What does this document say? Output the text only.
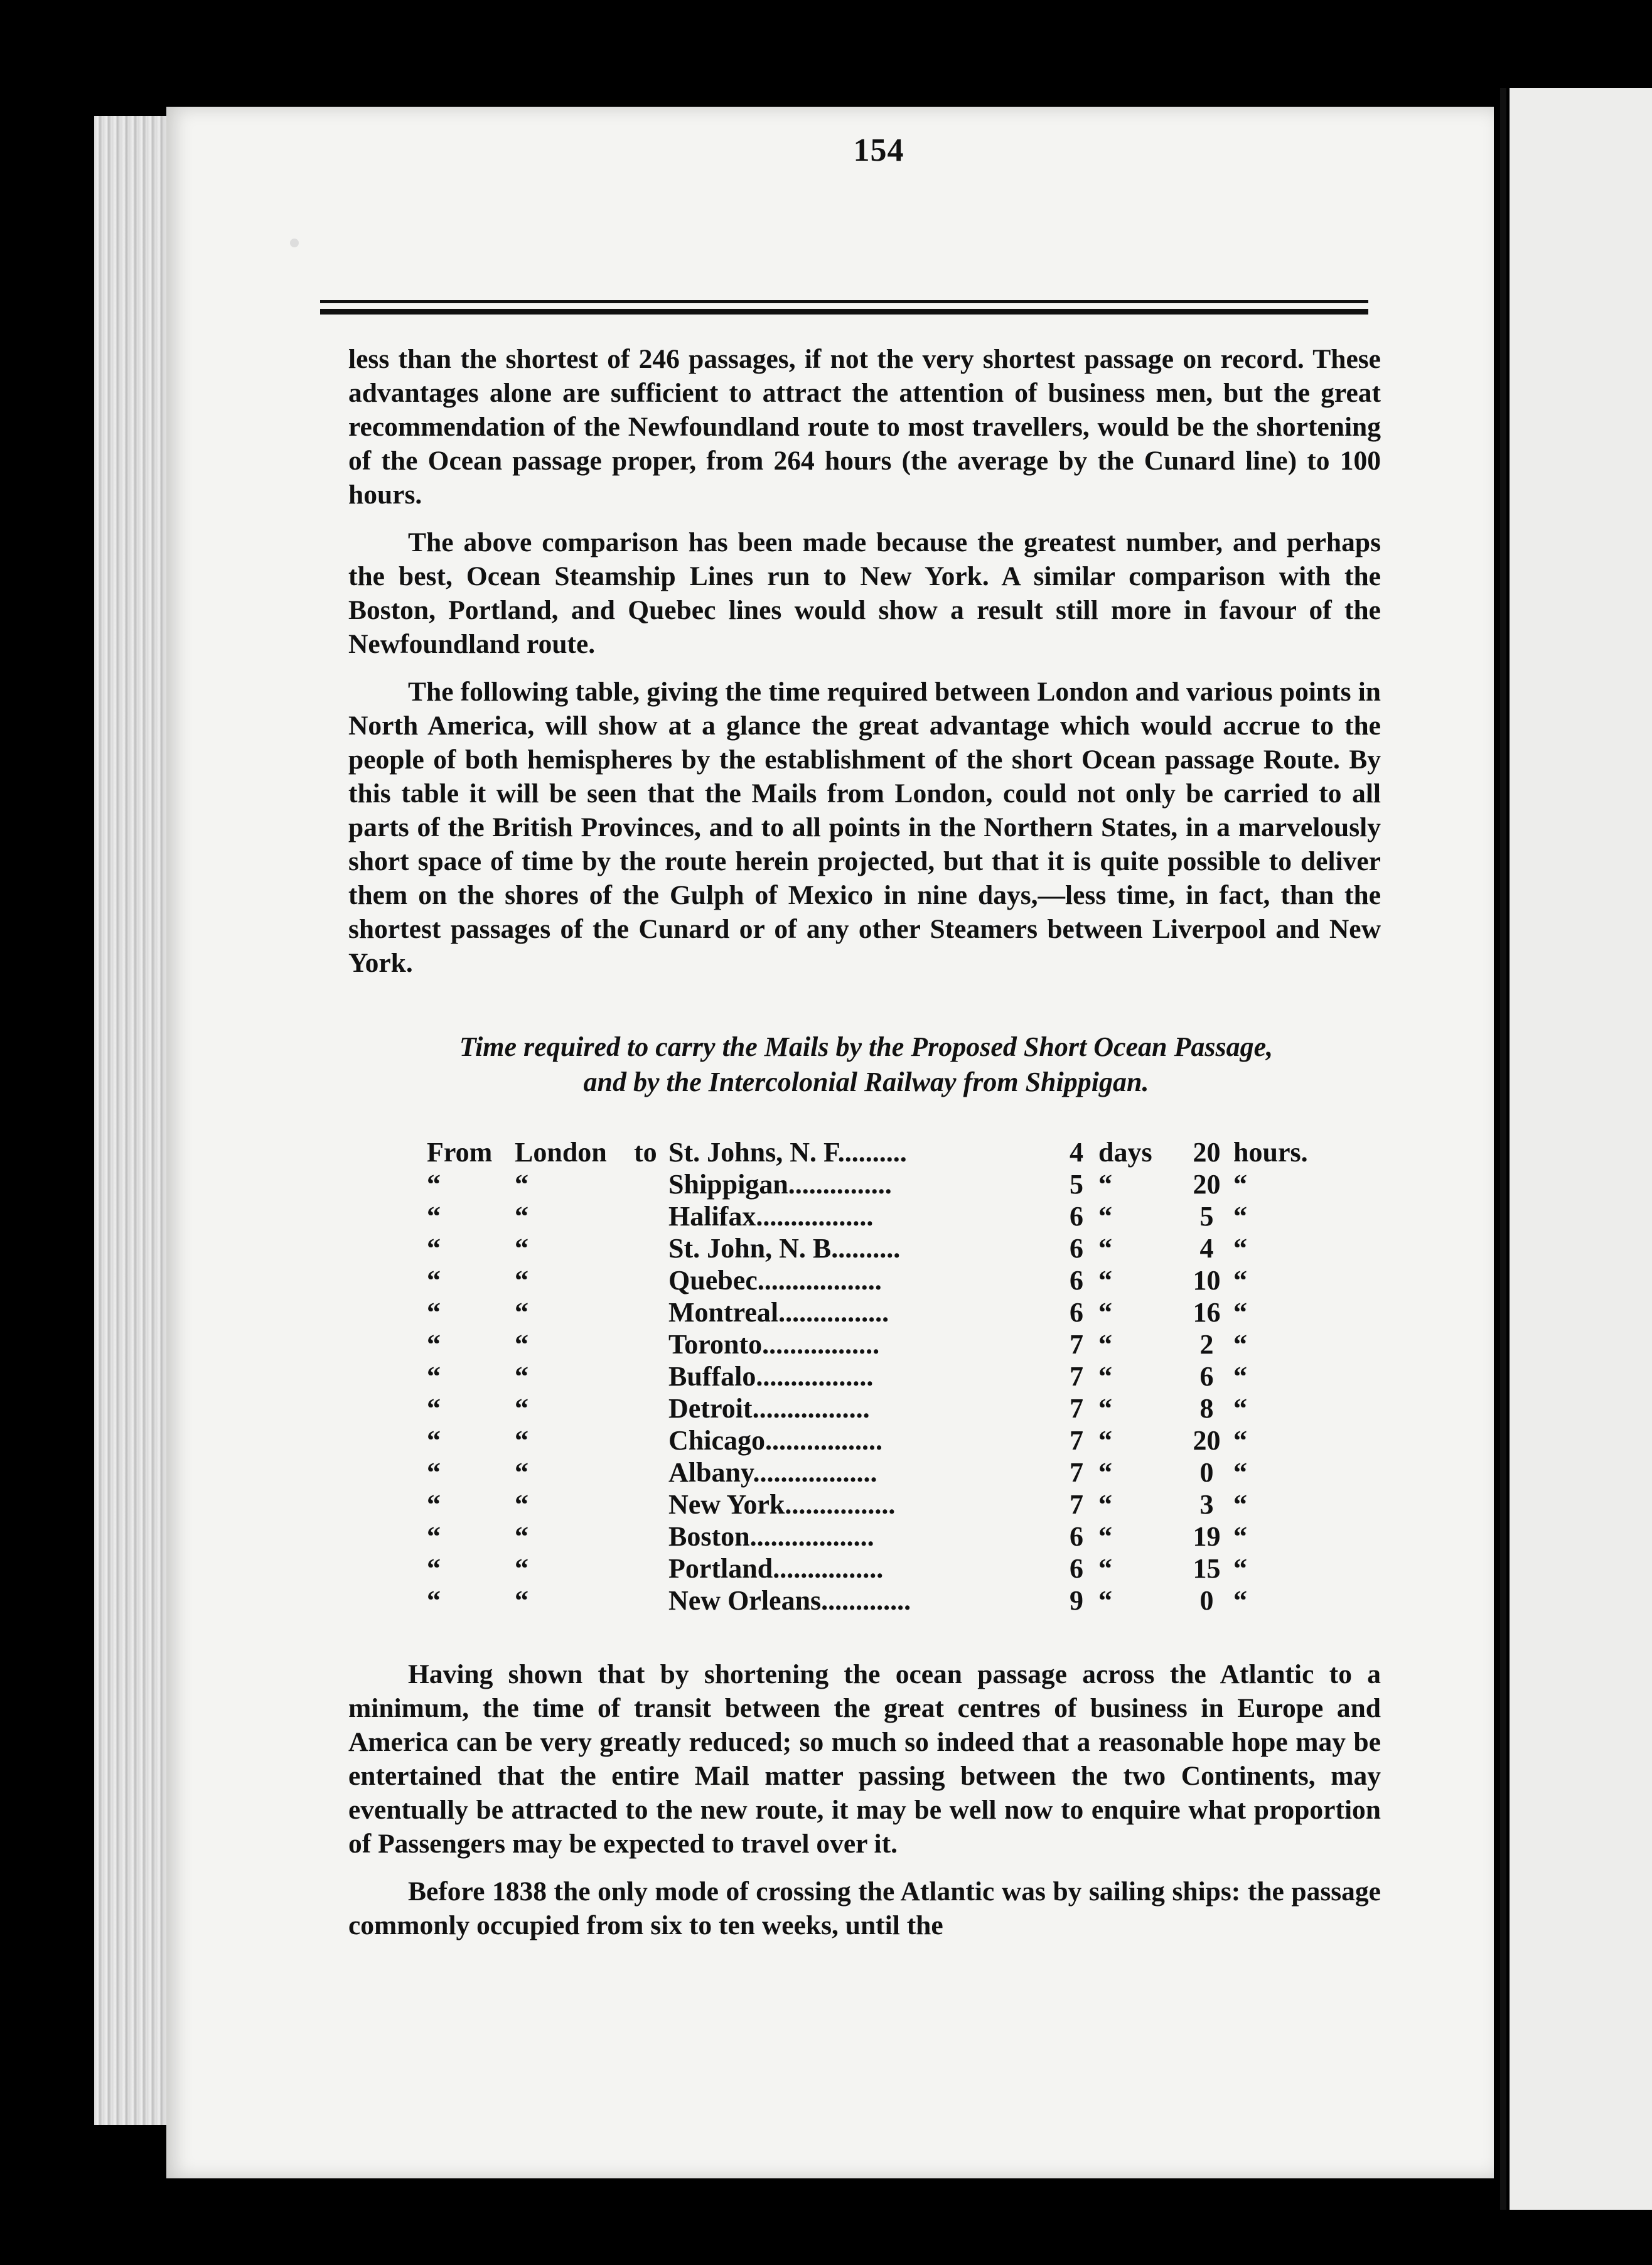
154

less than the shortest of 246 passages, if not the very shortest passage on record. These advantages alone are sufficient to attract the attention of business men, but the great recommendation of the Newfoundland route to most travellers, would be the shortening of the Ocean passage proper, from 264 hours (the average by the Cunard line) to 100 hours.

The above comparison has been made because the greatest number, and perhaps the best, Ocean Steamship Lines run to New York. A similar comparison with the Boston, Portland, and Quebec lines would show a result still more in favour of the Newfoundland route.

The following table, giving the time required between London and various points in North America, will show at a glance the great advantage which would accrue to the people of both hemispheres by the establishment of the short Ocean passage Route. By this table it will be seen that the Mails from London, could not only be carried to all parts of the British Provinces, and to all points in the Northern States, in a marvelously short space of time by the route herein projected, but that it is quite possible to deliver them on the shores of the Gulph of Mexico in nine days,—less time, in fact, than the shortest passages of the Cunard or of any other Steamers between Liverpool and New York.

Time required to carry the Mails by the Proposed Short Ocean Passage,
and by the Intercolonial Railway from Shippigan.
From	London	to	St. Johns, N. F..........	4	days	20	hours.
“	“		Shippigan...............	5	“	20	“
“	“		Halifax.................	6	“	5	“
“	“		St. John, N. B..........	6	“	4	“
“	“		Quebec..................	6	“	10	“
“	“		Montreal................	6	“	16	“
“	“		Toronto.................	7	“	2	“
“	“		Buffalo.................	7	“	6	“
“	“		Detroit.................	7	“	8	“
“	“		Chicago.................	7	“	20	“
“	“		Albany..................	7	“	0	“
“	“		New York................	7	“	3	“
“	“		Boston..................	6	“	19	“
“	“		Portland................	6	“	15	“
“	“		New Orleans.............	9	“	0	“

Having shown that by shortening the ocean passage across the Atlantic to a minimum, the time of transit between the great centres of business in Europe and America can be very greatly reduced; so much so indeed that a reasonable hope may be entertained that the entire Mail matter passing between the two Continents, may eventually be attracted to the new route, it may be well now to enquire what proportion of Passengers may be expected to travel over it.

Before 1838 the only mode of crossing the Atlantic was by sailing ships: the passage commonly occupied from six to ten weeks, until the
